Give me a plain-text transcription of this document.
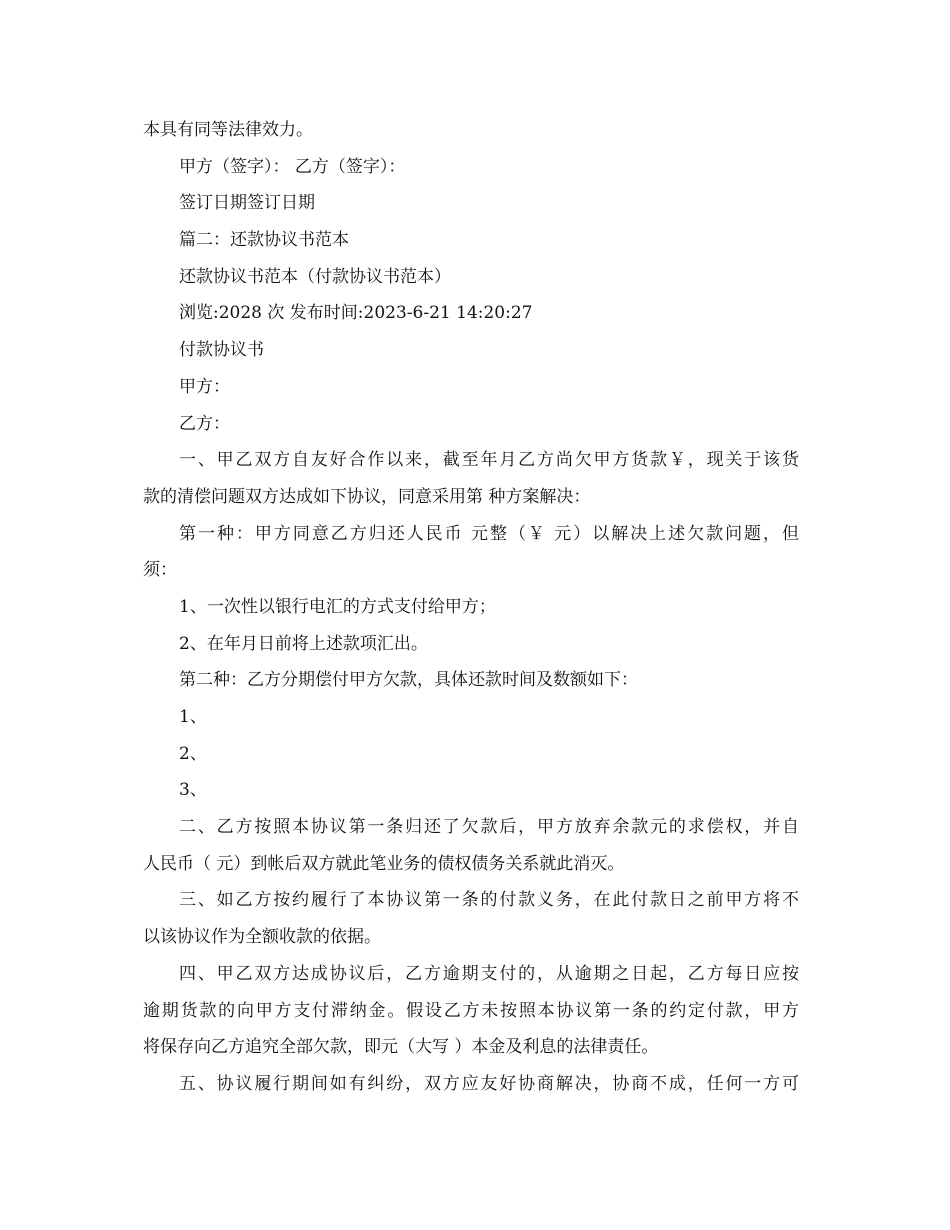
本具有同等法律效力。

甲方（签字）： 乙方（签字）：

签订日期签订日期

篇二：还款协议书范本

还款协议书范本（付款协议书范本）

浏览:2028 次 发布时间:2023-6-21 14:20:27

付款协议书

甲方：

乙方：

一、甲乙双方自友好合作以来，截至年月乙方尚欠甲方货款￥，现关于该货

款的清偿问题双方达成如下协议，同意采用第 种方案解决：

第一种：甲方同意乙方归还人民币 元整（￥ 元）以解决上述欠款问题，但

须：

1、一次性以银行电汇的方式支付给甲方；

2、在年月日前将上述款项汇出。

第二种：乙方分期偿付甲方欠款，具体还款时间及数额如下：

1、

2、

3、

二、乙方按照本协议第一条归还了欠款后，甲方放弃余款元的求偿权，并自

人民币（ 元）到帐后双方就此笔业务的债权债务关系就此消灭。

三、如乙方按约履行了本协议第一条的付款义务，在此付款日之前甲方将不

以该协议作为全额收款的依据。

四、甲乙双方达成协议后，乙方逾期支付的，从逾期之日起，乙方每日应按

逾期货款的向甲方支付滞纳金。假设乙方未按照本协议第一条的约定付款，甲方

将保存向乙方追究全部欠款，即元（大写 ）本金及利息的法律责任。

五、协议履行期间如有纠纷，双方应友好协商解决，协商不成，任何一方可
